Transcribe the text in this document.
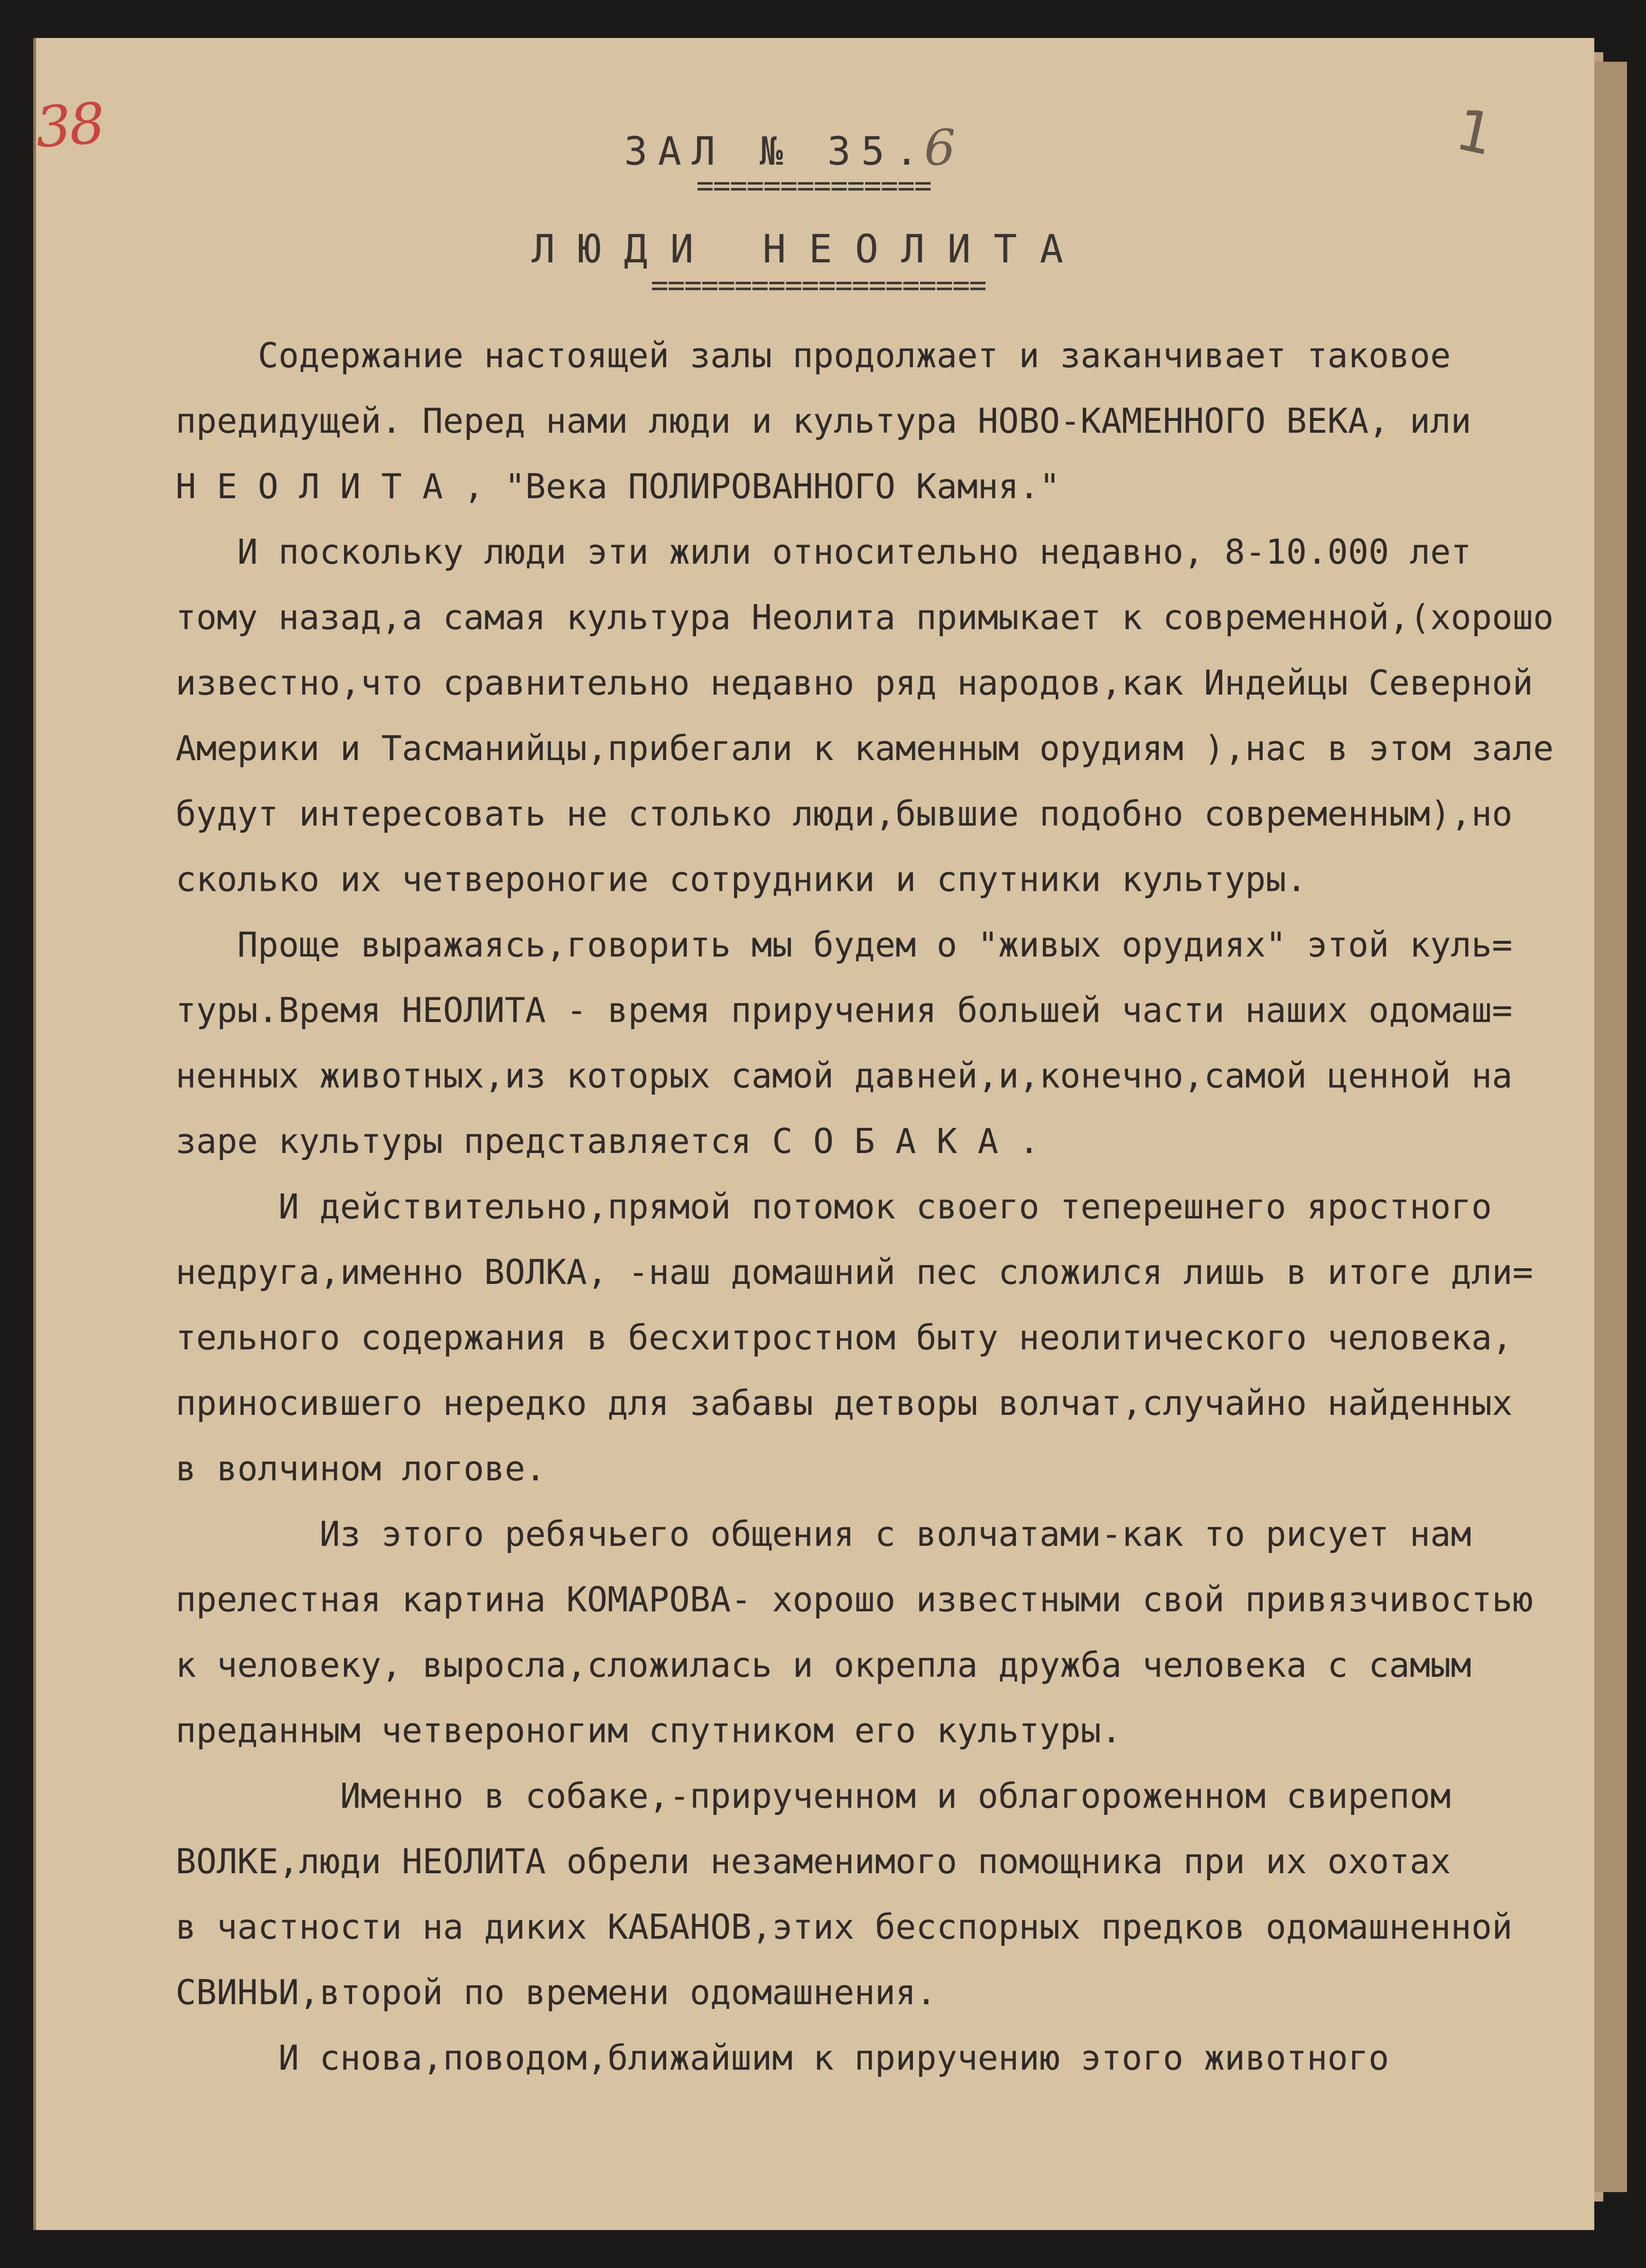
38	1
ЗАЛ № 35.6
==============
ЛЮДИ НЕОЛИТА
====================
Содержание настоящей залы продолжает и заканчивает таковое
предидущей. Перед нами люди и культура НОВО-КАМЕННОГО ВЕКА, или
Н Е О Л И Т А , "Века ПОЛИРОВАННОГО Камня."
И поскольку люди эти жили относительно недавно, 8-10.000 лет
тому назад,а самая культура Неолита примыкает к современной,(хорошо
известно,что сравнительно недавно ряд народов,как Индейцы Северной
Америки и Тасманийцы,прибегали к каменным орудиям ),нас в этом зале
будут интересовать не столько люди,бывшие подобно современным),но
сколько их четвероногие сотрудники и спутники культуры.
Проще выражаясь,говорить мы будем о "живых орудиях" этой куль=
туры.Время НЕОЛИТА - время приручения большей части наших одомаш=
ненных животных,из которых самой давней,и,конечно,самой ценной на
заре культуры представляется С О Б А К А .
И действительно,прямой потомок своего теперешнего яростного
недруга,именно ВОЛКА, -наш домашний пес сложился лишь в итоге дли=
тельного содержания в бесхитростном быту неолитического человека,
приносившего нередко для забавы детворы волчат,случайно найденных
в волчином логове.
Из этого ребячьего общения с волчатами-как то рисует нам
прелестная картина КОМАРОВА- хорошо известными свой привязчивостью
к человеку, выросла,сложилась и окрепла дружба человека с самым
преданным четвероногим спутником его культуры.
Именно в собаке,-прирученном и облагороженном свирепом
ВОЛКЕ,люди НЕОЛИТА обрели незаменимого помощника при их охотах
в частности на диких КАБАНОВ,этих бесспорных предков одомашненной
СВИНЬИ,второй по времени одомашнения.
И снова,поводом,ближайшим к приручению этого животного
